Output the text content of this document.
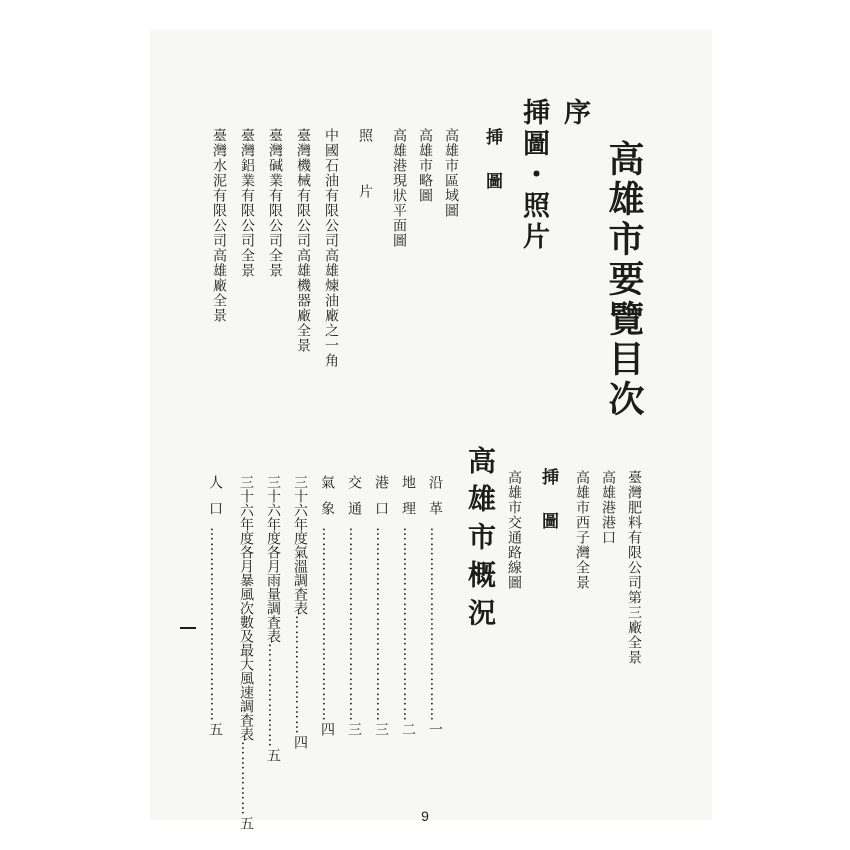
高雄市要覽目次
序
挿圖・照片
挿　圖
高雄市區域圖
高雄市略圖
高雄港現狀平面圖
照　片
中國石油有限公司高雄煉油廠之一角
臺灣機械有限公司高雄機器廠全景
臺灣碱業有限公司全景
臺灣鋁業有限公司全景
臺灣水泥有限公司高雄廠全景
臺灣肥料有限公司第三廠全景
高雄港港口
高雄市西子灣全景
挿　圖
高雄市交通路線圖
高雄市概況
沿革…………………………………一
地理…………………………………二
港口…………………………………三
交通…………………………………三
氣象…………………………………四
三十六年度氣溫調査表……………………四
三十六年度各月雨量調査表…………………五
三十六年度各月暴風次數及最大風速調査表……………五
人口…………………………………五
9
